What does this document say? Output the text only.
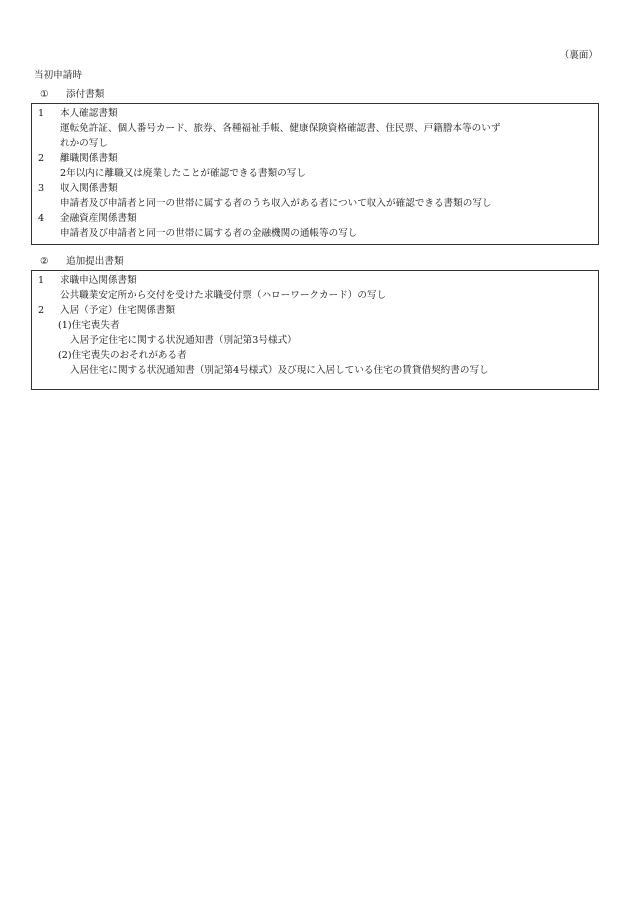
（裏面）

当初申請時

① 添付書類

1	本人確認書類

運転免許証、個人番号カード、旅券、各種福祉手帳、健康保険資格確認書、住民票、戸籍謄本等のいず

れかの写し

2	離職関係書類

2年以内に離職又は廃業したことが確認できる書類の写し

3	収入関係書類

申請者及び申請者と同一の世帯に属する者のうち収入がある者について収入が確認できる書類の写し

4	金融資産関係書類

申請者及び申請者と同一の世帯に属する者の金融機関の通帳等の写し

② 追加提出書類

1	求職申込関係書類

公共職業安定所から交付を受けた求職受付票（ハローワークカード）の写し

2	入居（予定）住宅関係書類

(1)住宅喪失者

入居予定住宅に関する状況通知書（別記第3号様式）

(2)住宅喪失のおそれがある者

入居住宅に関する状況通知書（別記第4号様式）及び現に入居している住宅の賃貸借契約書の写し
